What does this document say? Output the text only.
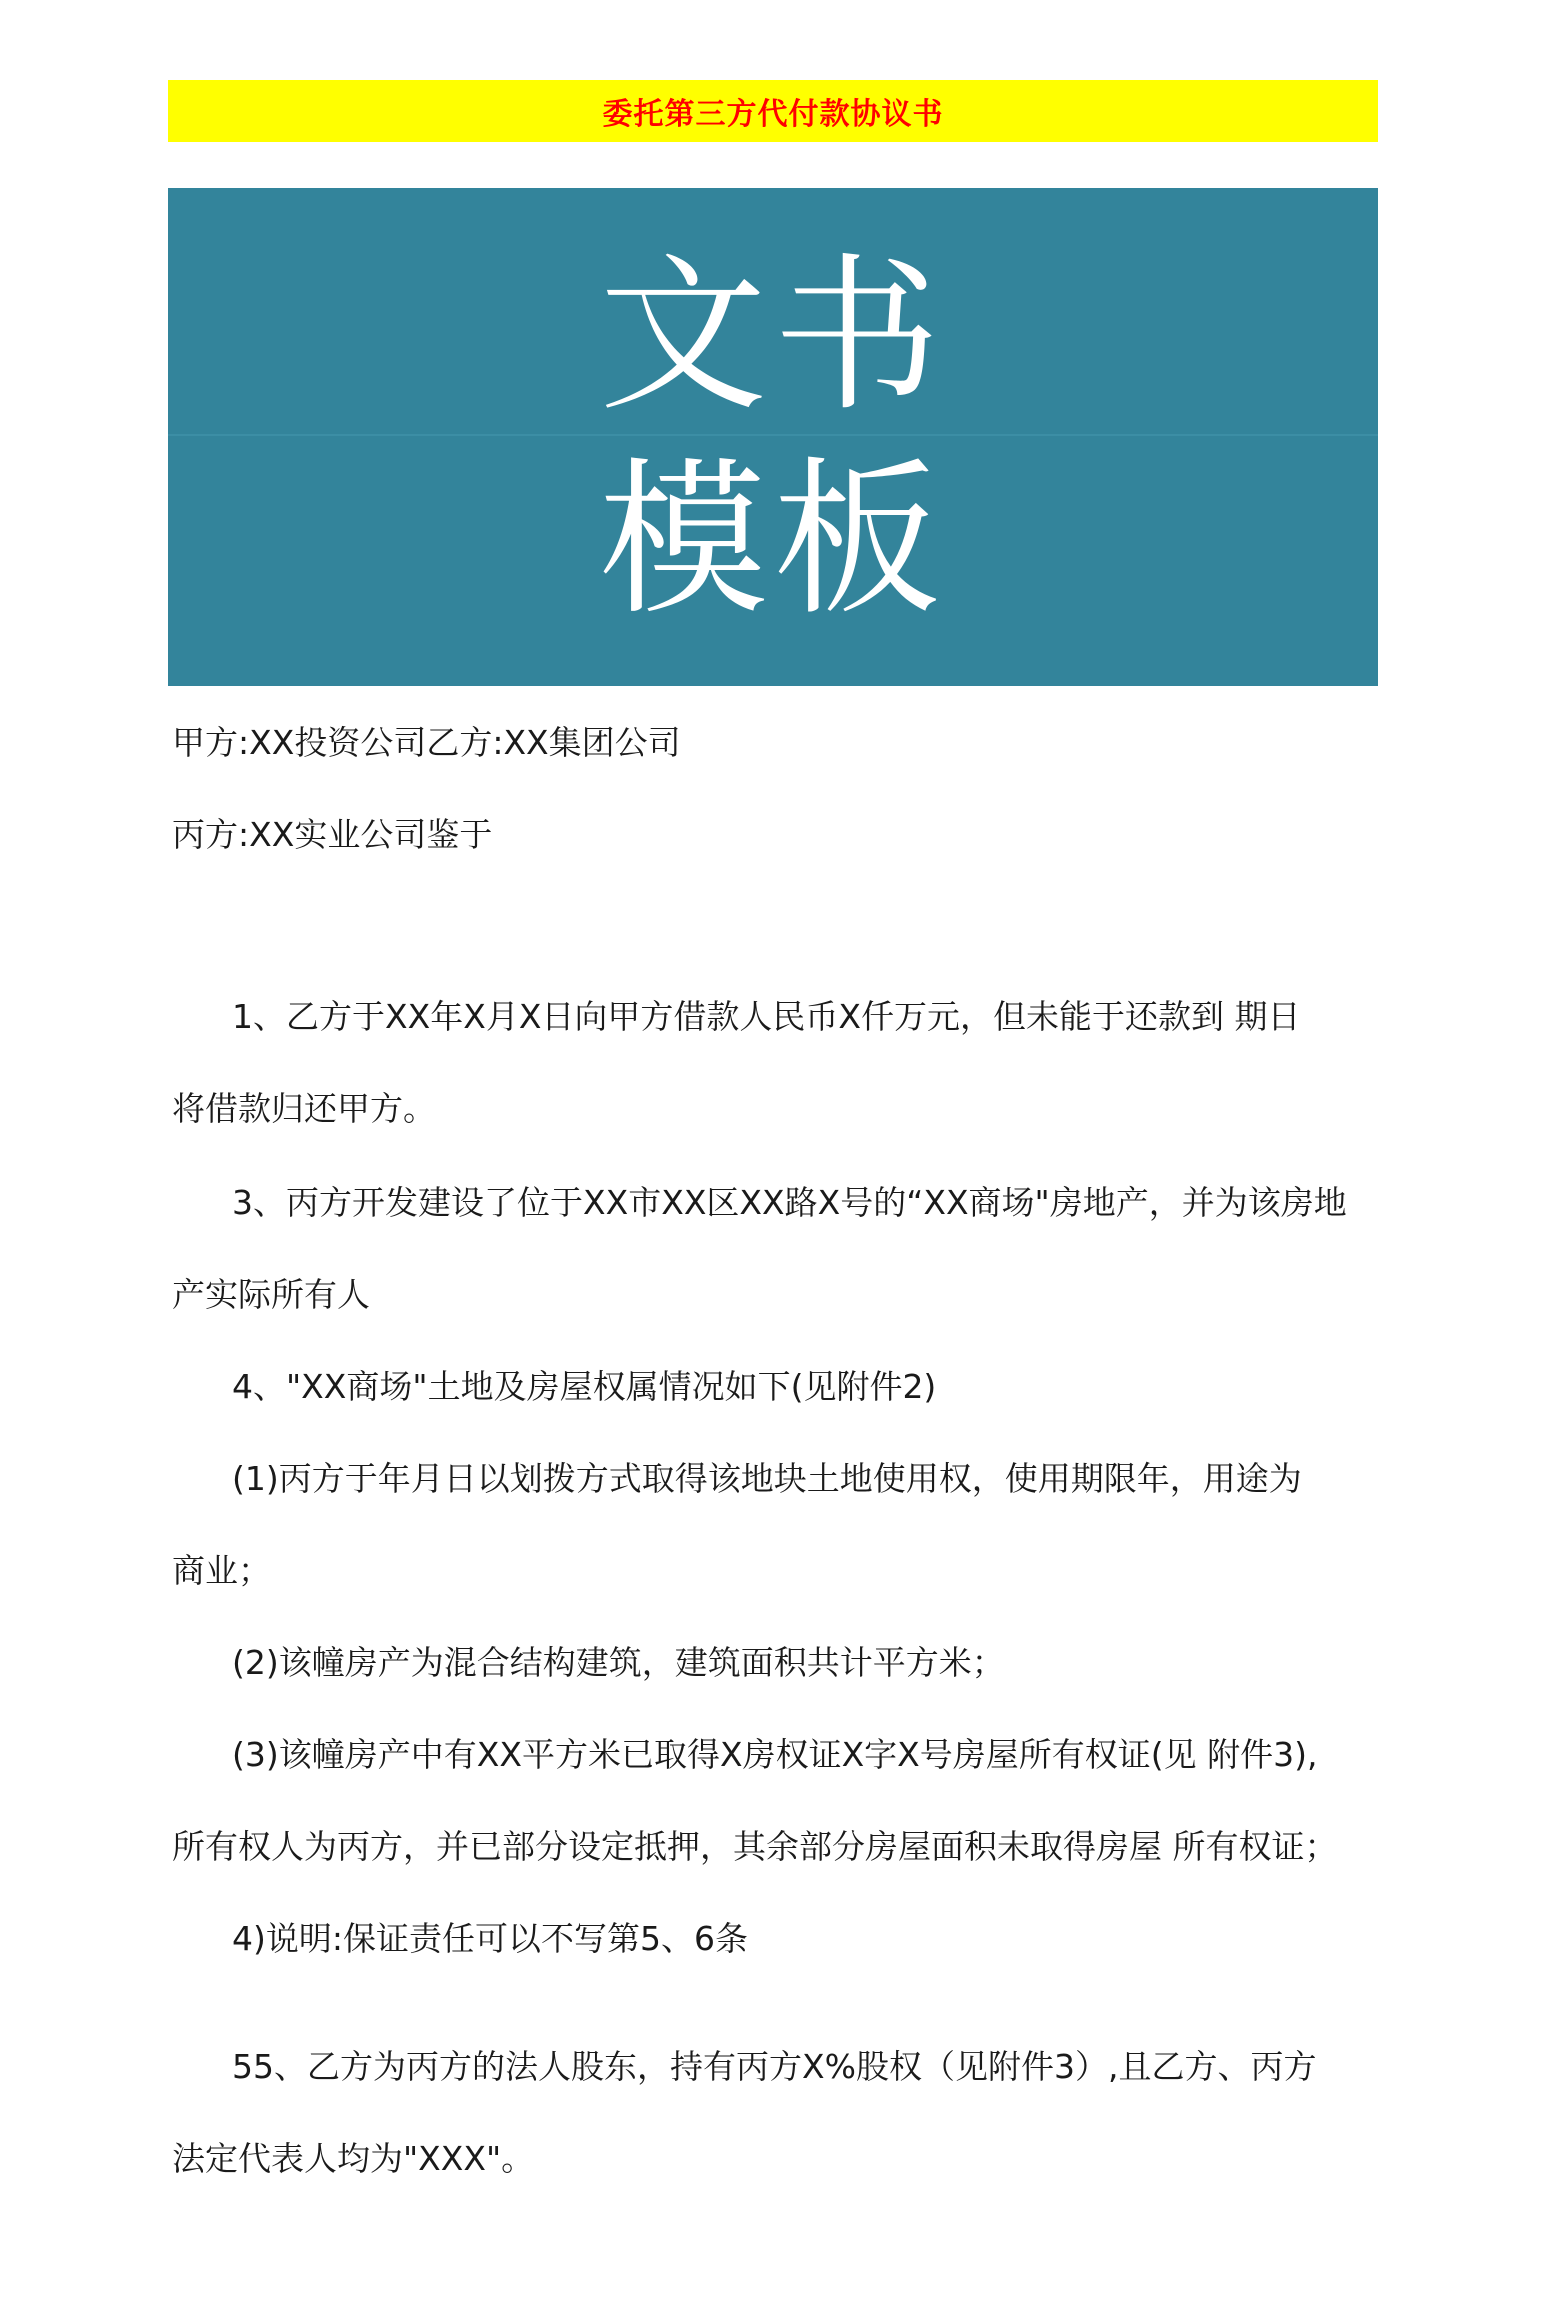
委托第三方代付款协议书
文书
模板
甲方:XX投资公司乙方:XX集团公司
丙方:XX实业公司鉴于
1、乙方于XX年X月X日向甲方借款人民币X仟万元，但未能于还款到 期日
将借款归还甲方。
3、丙方开发建设了位于XX市XX区XX路X号的“XX商场"房地产，并为该房地
产实际所有人
4、"XX商场"土地及房屋权属情况如下(见附件2)
(1)丙方于年月日以划拨方式取得该地块土地使用权，使用期限年，用途为
商业；
(2)该幢房产为混合结构建筑，建筑面积共计平方米；
(3)该幢房产中有XX平方米已取得X房权证X字X号房屋所有权证(见 附件3),
所有权人为丙方，并已部分设定抵押，其余部分房屋面积未取得房屋 所有权证；
4)说明:保证责任可以不写第5、6条
55、乙方为丙方的法人股东，持有丙方X%股权（见附件3）,且乙方、丙方
法定代表人均为"XXX"。
